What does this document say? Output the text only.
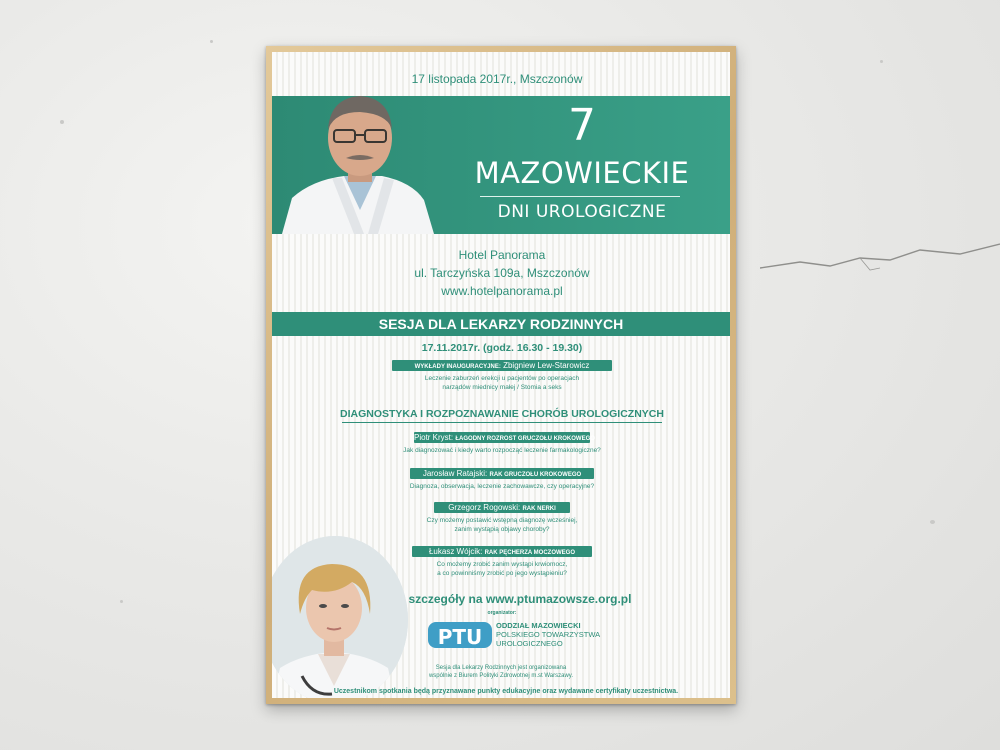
17 listopada 2017r., Mszczonów
7
MAZOWIECKIE
DNI UROLOGICZNE
Hotel Panorama
ul. Tarczyńska 109a, Mszczonów
www.hotelpanorama.pl
SESJA DLA LEKARZY RODZINNYCH
17.11.2017r. (godz. 16.30 - 19.30)
WYKŁADY INAUGURACYJNE: Zbigniew Lew-Starowicz
Leczenie zaburzeń erekcji u pacjentów po operacjach
narządów miednicy małej / Stomia a seks
DIAGNOSTYKA I ROZPOZNAWANIE CHORÓB UROLOGICZNYCH
Piotr Kryst: ŁAGODNY ROZROST GRUCZOŁU KROKOWEGO
Jak diagnozować i kiedy warto rozpocząć leczenie farmakologiczne?
Jarosław Ratajski: RAK GRUCZOŁU KROKOWEGO
Diagnoza, obserwacja, leczenie zachowawcze, czy operacyjne?
Grzegorz Rogowski: RAK NERKI
Czy możemy postawić wstępną diagnozę wcześniej,
zanim wystąpią objawy choroby?
Łukasz Wójcik: RAK PĘCHERZA MOCZOWEGO
Co możemy zrobić zanim wystąpi krwiomocz,
a co powinniśmy zrobić po jego wystąpieniu?
szczegóły na www.ptumazowsze.org.pl
organizator:
PTU ODDZIAŁ MAZOWIECKI
POLSKIEGO TOWARZYSTWA
UROLOGICZNEGO
Sesja dla Lekarzy Rodzinnych jest organizowana
wspólnie z Biurem Polityki Zdrowotnej m.st Warszawy.
Uczestnikom spotkania będą przyznawane punkty edukacyjne oraz wydawane certyfikaty uczestnictwa.
